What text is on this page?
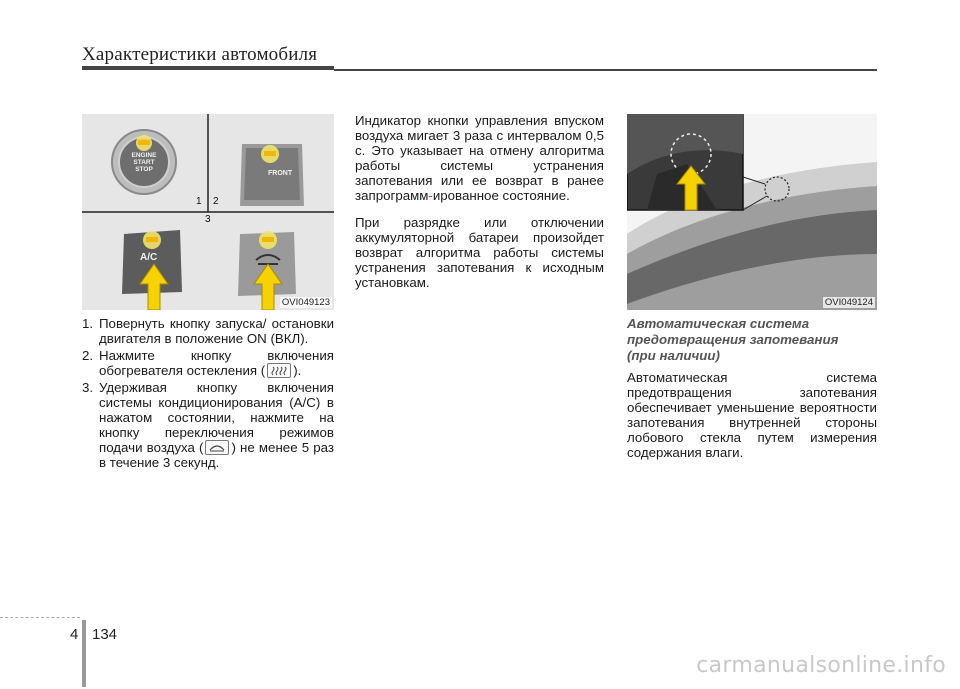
Характеристики автомобиля
ENGINE
START
STOP
FRONT
A/C
1 2
3
OVI049123	OVI049124
1. Повернуть кнопку запуска/ остановки двигателя в положение ON (ВКЛ).
2. Нажмите кнопку включения обогревателя остекления ( ).
3. Удерживая кнопку включения системы кондиционирования (A/C) в нажатом состоянии, нажмите на кнопку переключения режимов подачи воздуха ( ) не менее 5 раз в течение 3 секунд.

Индикатор кнопки управления впуском воздуха мигает 3 раза с интервалом 0,5 с. Это указывает на отмену алгоритма работы системы устранения запотевания или ее возврат в ранее запрограмм-ированное состояние.

При разрядке или отключении аккумуляторной батареи произойдет возврат алгоритма работы системы устранения запотевания к исходным установкам.

Автоматическая система
предотвращения запотевания
(при наличии)

Автоматическая система предотвращения запотевания обеспечивает уменьшение вероятности запотевания внутренней стороны лобового стекла путем измерения содержания влаги.

4 134
carmanualsonline.info
